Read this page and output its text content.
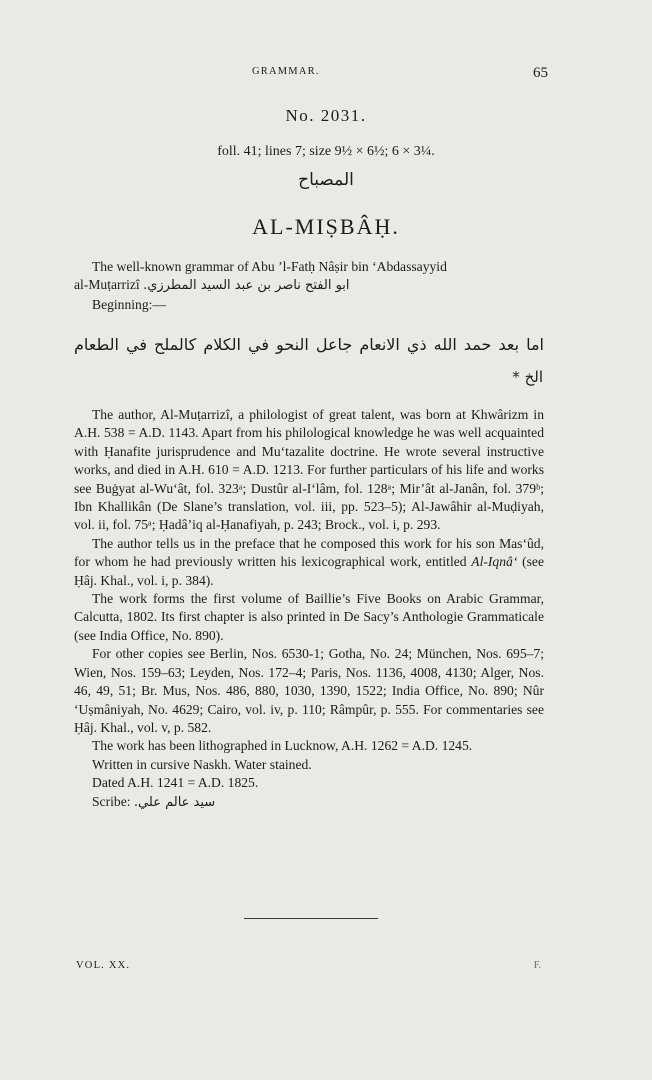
GRAMMAR.	65
No. 2031.
foll. 41; lines 7; size 9½ × 6½; 6 × 3¼.
المصباح
AL-MIṢBÂḤ.
The well-known grammar of Abu ’l-Fatḥ Nâṣir bin ‘Abdassayyid
al-Muṭarrizî ابو الفتح ناصر بن عبد السيد المطرزي.
Beginning:—
اما بعد حمد الله ذي الانعام جاعل النحو في الكلام كالملح في الطعام
الخ *
The author, Al-Muṭarrizî, a philologist of great talent, was born at Khwârizm in A.H. 538 = A.D. 1143. Apart from his philological knowledge he was well acquainted with Ḥanafite jurisprudence and Mu‘tazalite doctrine. He wrote several instructive works, and died in A.H. 610 = A.D. 1213. For further particulars of his life and works see Buġyat al-Wu‘ât, fol. 323ᵃ; Dustûr al-I‘lâm, fol. 128ᵃ; Mir’ât al-Janân, fol. 379ᵇ; Ibn Khallikân (De Slane’s translation, vol. iii, pp. 523–5); Al-Jawâhir al-Muḍiyah, vol. ii, fol. 75ᵃ; Ḥadâ’iq al-Ḥanafiyah, p. 243; Brock., vol. i, p. 293.
The author tells us in the preface that he composed this work for his son Mas‘ûd, for whom he had previously written his lexicographical work, entitled Al-Iqnâ‘ (see Ḥâj. Khal., vol. i, p. 384).
The work forms the first volume of Baillie’s Five Books on Arabic Grammar, Calcutta, 1802. Its first chapter is also printed in De Sacy’s Anthologie Grammaticale (see India Office, No. 890).
For other copies see Berlin, Nos. 6530-1; Gotha, No. 24; München, Nos. 695–7; Wien, Nos. 159–63; Leyden, Nos. 172–4; Paris, Nos. 1136, 4008, 4130; Alger, Nos. 46, 49, 51; Br. Mus, Nos. 486, 880, 1030, 1390, 1522; India Office, No. 890; Nûr ‘Uṣmâniyah, No. 4629; Cairo, vol. iv, p. 110; Râmpûr, p. 555. For commentaries see Ḥâj. Khal., vol. v, p. 582.
The work has been lithographed in Lucknow, A.H. 1262 = A.D. 1245.
Written in cursive Naskh. Water stained.
Dated A.H. 1241 = A.D. 1825.
Scribe: سيد عالم علي.
VOL. XX.	F.
